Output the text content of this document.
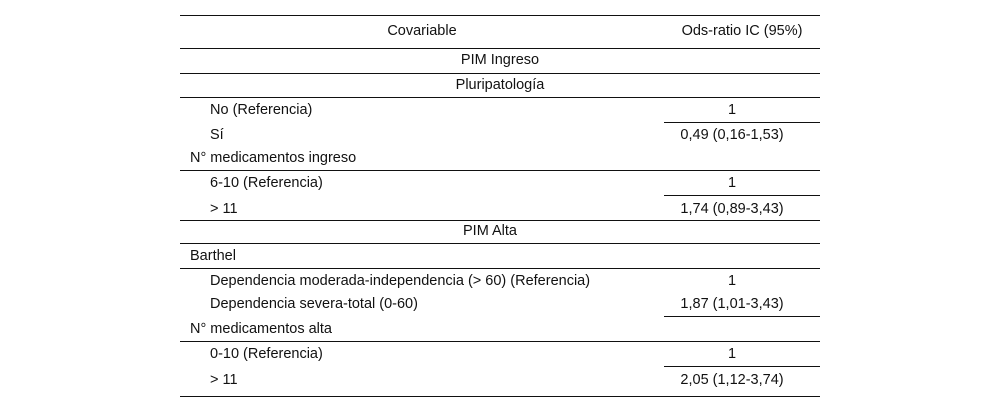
Covariable	Ods-ratio IC (95%)
PIM Ingreso
Pluripatología
No (Referencia)	1
Sí	0,49 (0,16-1,53)
N° medicamentos ingreso
6-10 (Referencia)	1
> 11	1,74 (0,89-3,43)
PIM Alta
Barthel
Dependencia moderada-independencia (> 60) (Referencia)	1
Dependencia severa-total (0-60)	1,87 (1,01-3,43)
N° medicamentos alta
0-10 (Referencia)	1
> 11	2,05 (1,12-3,74)
